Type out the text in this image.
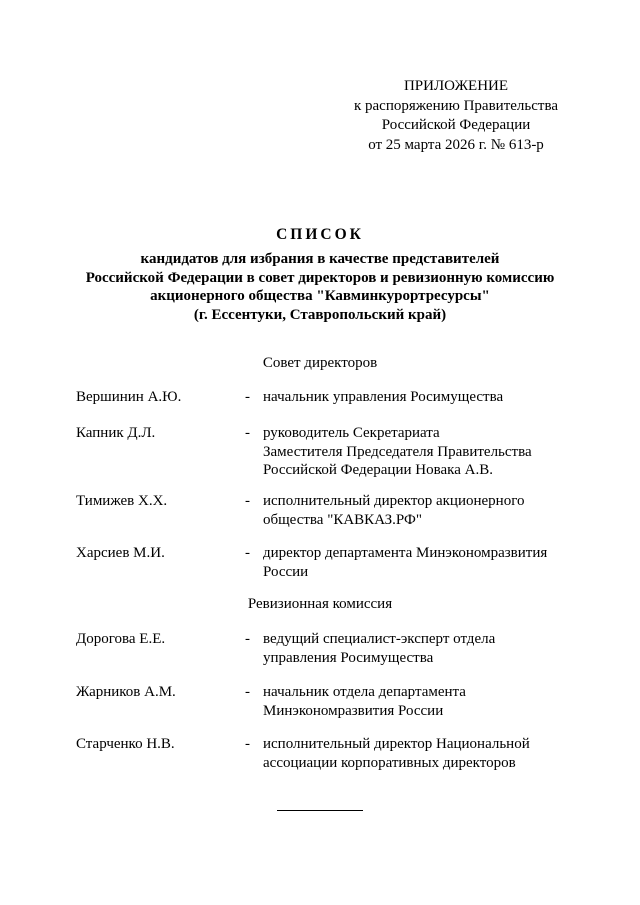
ПРИЛОЖЕНИЕ
к распоряжению Правительства
Российской Федерации
от 25 марта 2026 г. № 613-р
СПИСОК
кандидатов для избрания в качестве представителей
Российской Федерации в совет директоров и ревизионную комиссию
акционерного общества "Кавминкурортресурсы"
(г. Ессентуки, Ставропольский край)
Совет директоров
Вершинин А.Ю.	- начальник управления Росимущества
Капник Д.Л.	- руководитель Секретариата
Заместителя Председателя Правительства
Российской Федерации Новака А.В.
Тимижев Х.Х.	- исполнительный директор акционерного
общества "КАВКАЗ.РФ"
Харсиев М.И.	- директор департамента Минэкономразвития
России
Ревизионная комиссия
Дорогова Е.Е.	- ведущий специалист-эксперт отдела
управления Росимущества
Жарников А.М.	- начальник отдела департамента
Минэкономразвития России
Старченко Н.В.	- исполнительный директор Национальной
ассоциации корпоративных директоров
